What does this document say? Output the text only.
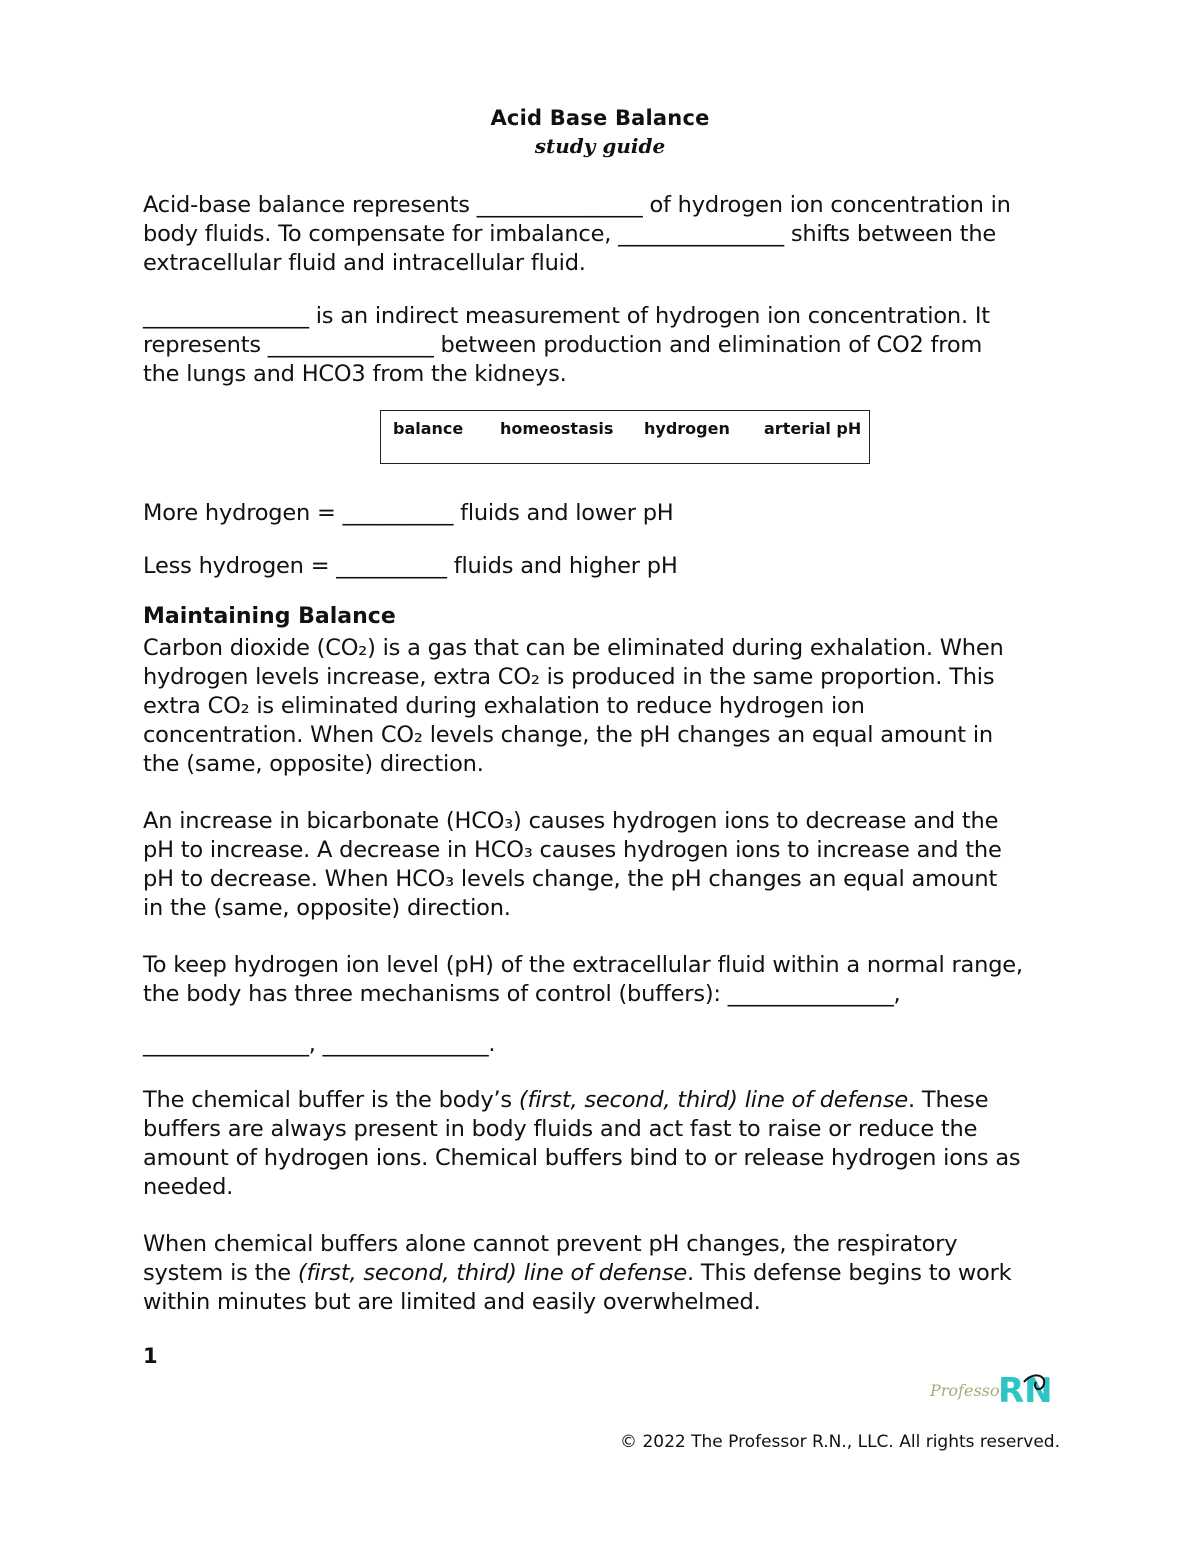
Acid Base Balance
study guide
Acid-base balance represents _______________ of hydrogen ion concentration in
body fluids. To compensate for imbalance, _______________ shifts between the
extracellular fluid and intracellular fluid.
_______________ is an indirect measurement of hydrogen ion concentration. It
represents _______________ between production and elimination of CO2 from
the lungs and HCO3 from the kidneys.
balance homeostasis hydrogen arterial pH
More hydrogen = __________ fluids and lower pH
Less hydrogen = __________ fluids and higher pH
Maintaining Balance
Carbon dioxide (CO₂) is a gas that can be eliminated during exhalation. When
hydrogen levels increase, extra CO₂ is produced in the same proportion. This
extra CO₂ is eliminated during exhalation to reduce hydrogen ion
concentration. When CO₂ levels change, the pH changes an equal amount in
the (same, opposite) direction.
An increase in bicarbonate (HCO₃) causes hydrogen ions to decrease and the
pH to increase. A decrease in HCO₃ causes hydrogen ions to increase and the
pH to decrease. When HCO₃ levels change, the pH changes an equal amount
in the (same, opposite) direction.
To keep hydrogen ion level (pH) of the extracellular fluid within a normal range,
the body has three mechanisms of control (buffers): _______________,
_______________, _______________.
The chemical buffer is the body’s (first, second, third) line of defense. These
buffers are always present in body fluids and act fast to raise or reduce the
amount of hydrogen ions. Chemical buffers bind to or release hydrogen ions as
needed.
When chemical buffers alone cannot prevent pH changes, the respiratory
system is the (first, second, third) line of defense. This defense begins to work
within minutes but are limited and easily overwhelmed.
1
Professor
RN
© 2022 The Professor R.N., LLC. All rights reserved.
